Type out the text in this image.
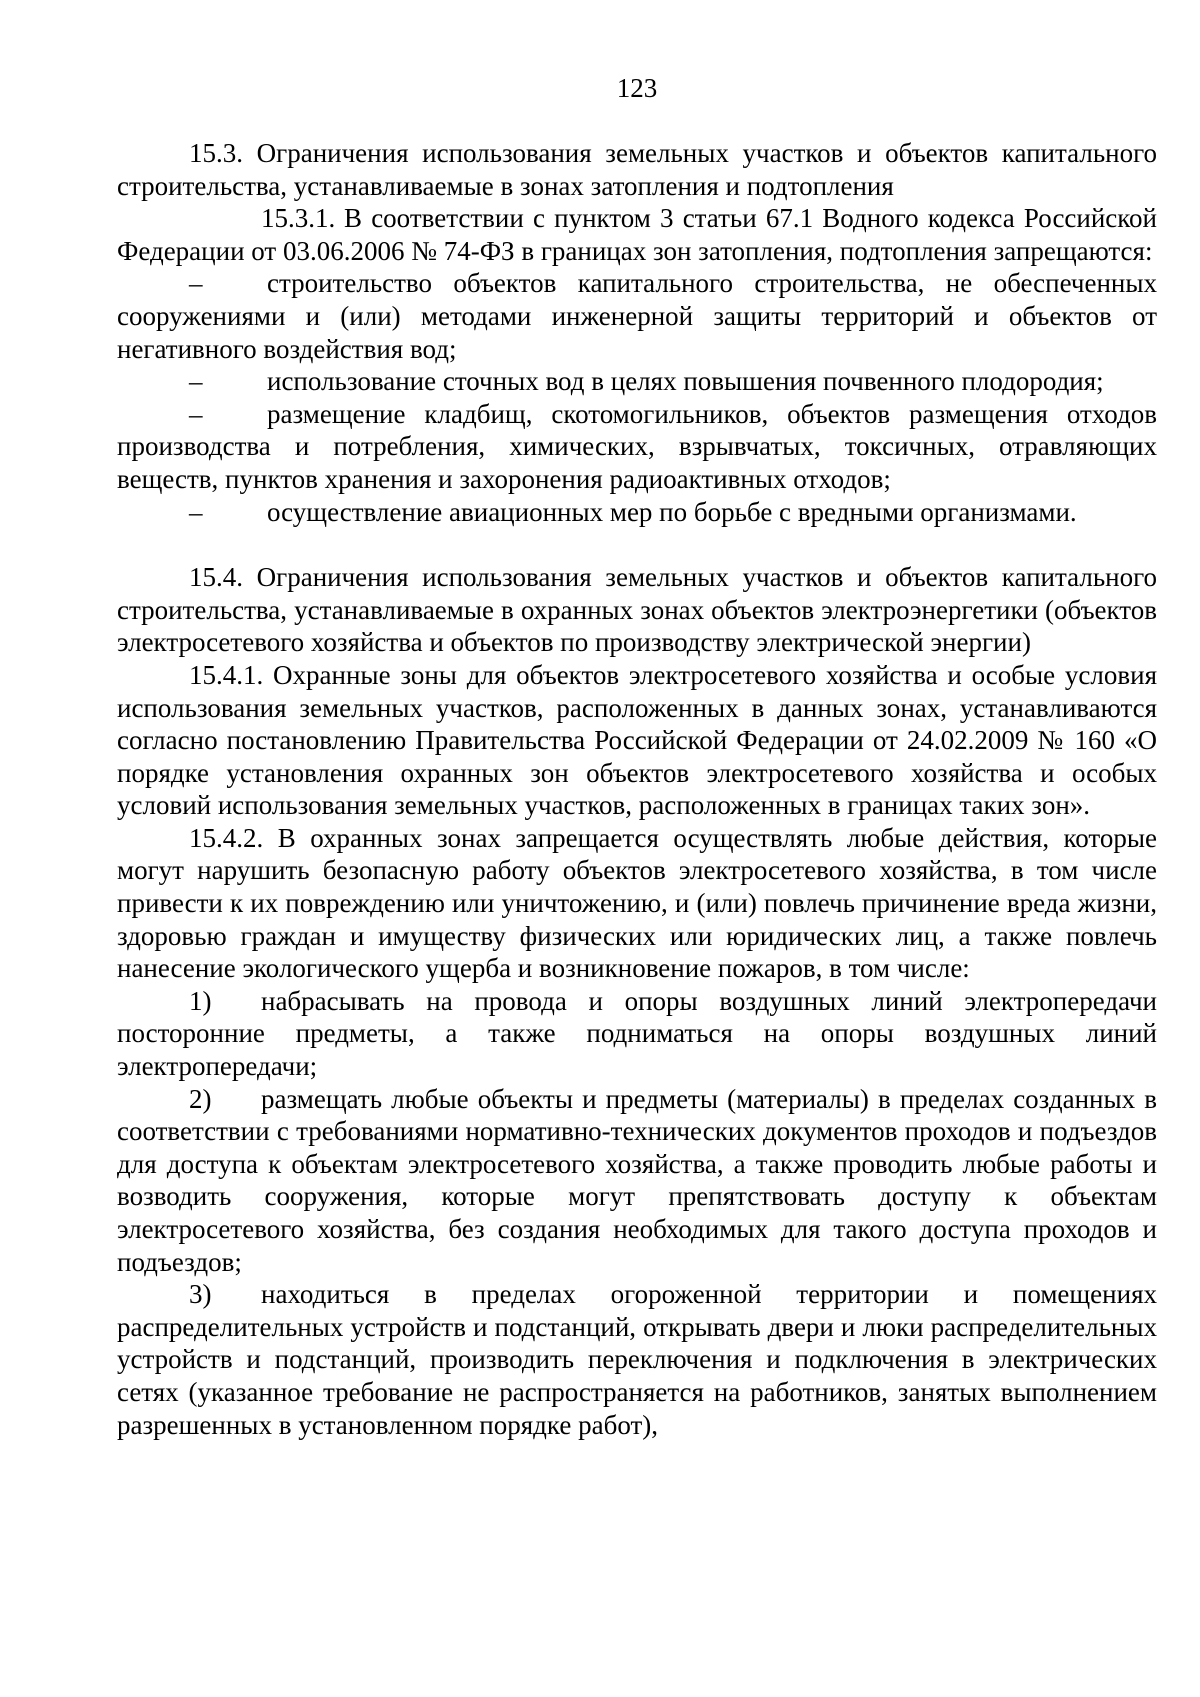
123

15.3. Ограничения использования земельных участков и объектов капитального строительства, устанавливаемые в зонах затопления и подтопления

15.3.1. В соответствии с пунктом 3 статьи 67.1 Водного кодекса Российской Федерации от 03.06.2006 № 74-ФЗ в границах зон затопления, подтопления запрещаются:

– строительство объектов капитального строительства, не обеспеченных сооружениями и (или) методами инженерной защиты территорий и объектов от негативного воздействия вод;

– использование сточных вод в целях повышения почвенного плодородия;

– размещение кладбищ, скотомогильников, объектов размещения отходов производства и потребления, химических, взрывчатых, токсичных, отравляющих веществ, пунктов хранения и захоронения радиоактивных отходов;

– осуществление авиационных мер по борьбе с вредными организмами.

15.4. Ограничения использования земельных участков и объектов капитального строительства, устанавливаемые в охранных зонах объектов электроэнергетики (объектов электросетевого хозяйства и объектов по производству электрической энергии)

15.4.1. Охранные зоны для объектов электросетевого хозяйства и особые условия использования земельных участков, расположенных в данных зонах, устанавливаются согласно постановлению Правительства Российской Федерации от 24.02.2009 № 160 «О порядке установления охранных зон объектов электросетевого хозяйства и особых условий использования земельных участков, расположенных в границах таких зон».

15.4.2. В охранных зонах запрещается осуществлять любые действия, которые могут нарушить безопасную работу объектов электросетевого хозяйства, в том числе привести к их повреждению или уничтожению, и (или) повлечь причинение вреда жизни, здоровью граждан и имуществу физических или юридических лиц, а также повлечь нанесение экологического ущерба и возникновение пожаров, в том числе:

1) набрасывать на провода и опоры воздушных линий электропередачи посторонние предметы, а также подниматься на опоры воздушных линий электропередачи;

2) размещать любые объекты и предметы (материалы) в пределах созданных в соответствии с требованиями нормативно-технических документов проходов и подъездов для доступа к объектам электросетевого хозяйства, а также проводить любые работы и возводить сооружения, которые могут препятствовать доступу к объектам электросетевого хозяйства, без создания необходимых для такого доступа проходов и подъездов;

3) находиться в пределах огороженной территории и помещениях распределительных устройств и подстанций, открывать двери и люки распределительных устройств и подстанций, производить переключения и подключения в электрических сетях (указанное требование не распространяется на работников, занятых выполнением разрешенных в установленном порядке работ),
